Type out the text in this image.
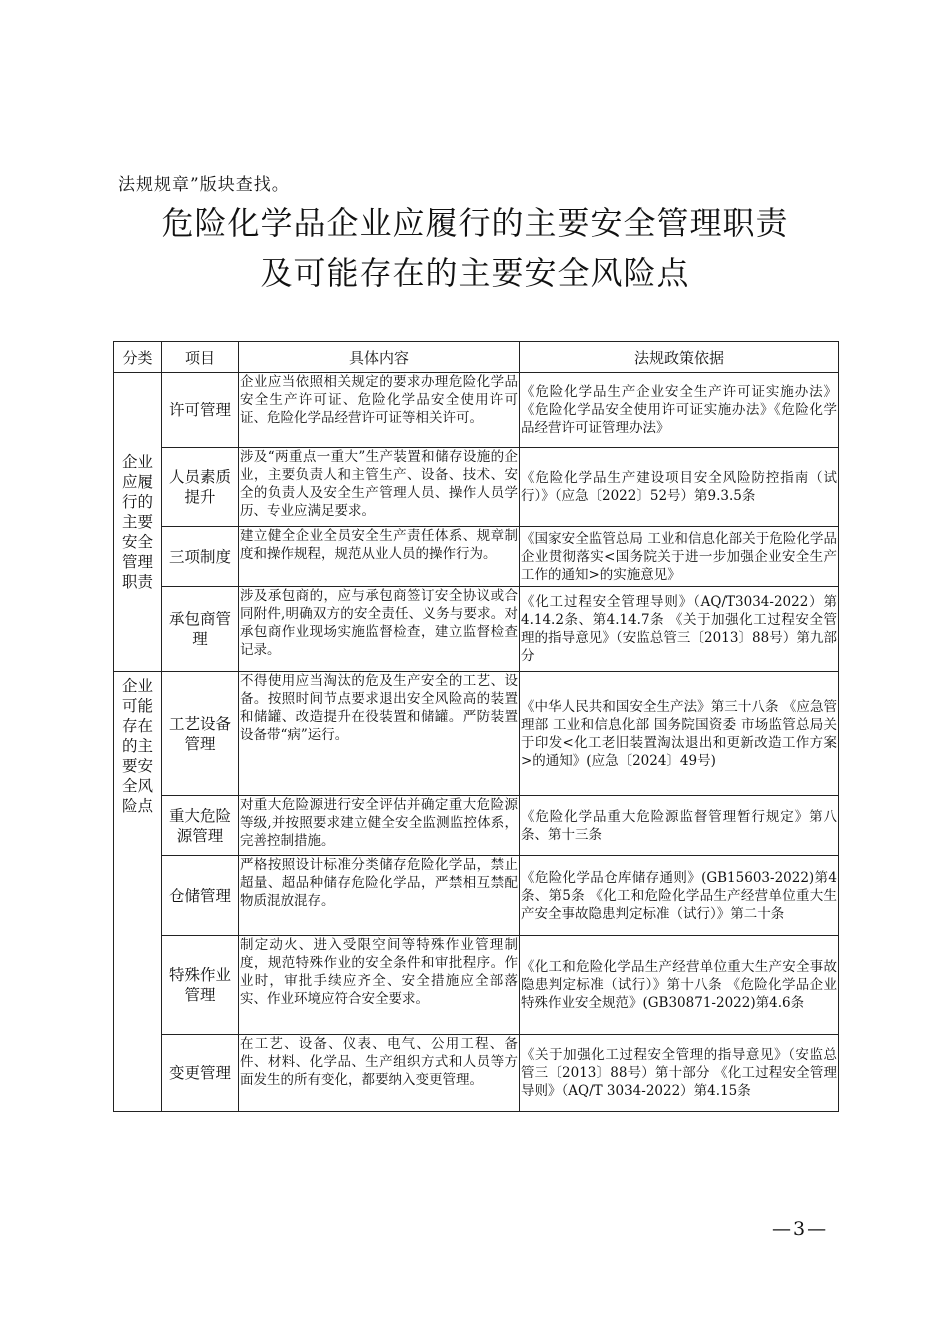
法规规章”版块查找。
危险化学品企业应履行的主要安全管理职责
及可能存在的主要安全风险点
分类	项目	具体内容	法规政策依据
企业应履行的主要安全管理职责	许可管理	企业应当依照相关规定的要求办理危险化学品安全生产许可证、危险化学品安全使用许可证、危险化学品经营许可证等相关许可。	《危险化学品生产企业安全生产许可证实施办法》《危险化学品安全使用许可证实施办法》《危险化学品经营许可证管理办法》
	人员素质提升	涉及“两重点一重大”生产装置和储存设施的企业，主要负责人和主管生产、设备、技术、安全的负责人及安全生产管理人员、操作人员学历、专业应满足要求。	《危险化学品生产建设项目安全风险防控指南（试行）》（应急〔2022〕52号）第9.3.5条
	三项制度	建立健全企业全员安全生产责任体系、规章制度和操作规程，规范从业人员的操作行为。	《国家安全监管总局 工业和信息化部关于危险化学品企业贯彻落实<国务院关于进一步加强企业安全生产工作的通知>的实施意见》
	承包商管理	涉及承包商的，应与承包商签订安全协议或合同附件,明确双方的安全责任、义务与要求。对承包商作业现场实施监督检查，建立监督检查记录。	《化工过程安全管理导则》（AQ/T3034-2022）第4.14.2条、第4.14.7条 《关于加强化工过程安全管理的指导意见》（安监总管三〔2013〕88号）第九部分
企业可能存在的主要安全风险点	工艺设备管理	不得使用应当淘汰的危及生产安全的工艺、设备。按照时间节点要求退出安全风险高的装置和储罐、改造提升在役装置和储罐。严防装置设备带“病”运行。	《中华人民共和国安全生产法》第三十八条 《应急管理部 工业和信息化部 国务院国资委 市场监管总局关于印发<化工老旧装置淘汰退出和更新改造工作方案>的通知》(应急〔2024〕49号)
	重大危险源管理	对重大危险源进行安全评估并确定重大危险源等级,并按照要求建立健全安全监测监控体系，完善控制措施。	《危险化学品重大危险源监督管理暂行规定》第八条、第十三条
	仓储管理	严格按照设计标准分类储存危险化学品，禁止超量、超品种储存危险化学品，严禁相互禁配物质混放混存。	《危险化学品仓库储存通则》(GB15603-2022)第4条、第5条 《化工和危险化学品生产经营单位重大生产安全事故隐患判定标准（试行）》第二十条
	特殊作业管理	制定动火、进入受限空间等特殊作业管理制度，规范特殊作业的安全条件和审批程序。作业时，审批手续应齐全、安全措施应全部落实、作业环境应符合安全要求。	《化工和危险化学品生产经营单位重大生产安全事故隐患判定标准（试行）》第十八条 《危险化学品企业特殊作业安全规范》(GB30871-2022)第4.6条
	变更管理	在工艺、设备、仪表、电气、公用工程、备件、材料、化学品、生产组织方式和人员等方面发生的所有变化，都要纳入变更管理。	《关于加强化工过程安全管理的指导意见》（安监总管三〔2013〕88号）第十部分 《化工过程安全管理导则》（AQ/T 3034-2022）第4.15条
—3—
